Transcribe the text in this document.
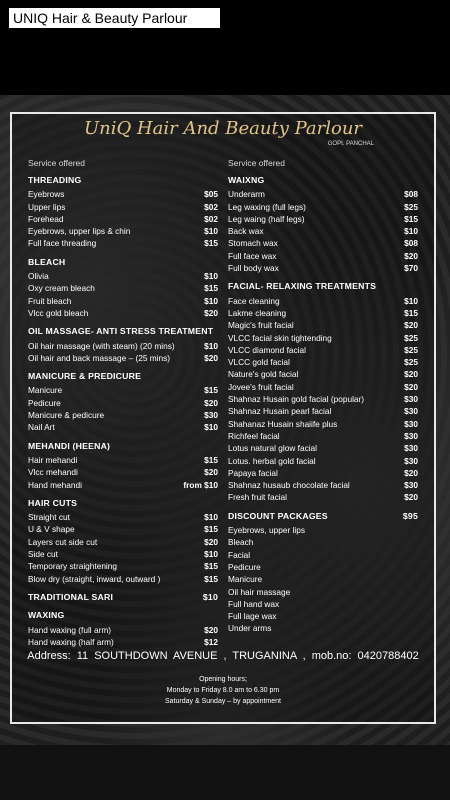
UNIQ Hair & Beauty Parlour
UniQ Hair And Beauty Parlour
GOPI. PANCHAL
Service offered
THREADING
Eyebrows	$05
Upper lips	$02
Forehead	$02
Eyebrows, upper lips & chin	$10
Full face threading	$15
BLEACH
Olivia	$10
Oxy cream bleach	$15
Fruit bleach	$10
Vlcc gold bleach	$20
OIL MASSAGE- ANTI STRESS TREATMENT
Oil hair massage (with steam) (20 mins)	$10
Oil hair and back massage – (25 mins)	$20
MANICURE & PREDICURE
Manicure	$15
Pedicure	$20
Manicure & pedicure	$30
Nail Art	$10
MEHANDI (HEENA)
Hair mehandi	$15
Vlcc mehandi	$20
Hand mehandi	from $10
HAIR CUTS
Straight cut	$10
U & V shape	$15
Layers cut side cut	$20
Side cut	$10
Temporary straightening	$15
Blow dry (straight, inward, outward )	$15
TRADITIONAL SARI	$10
WAXING
Hand waxing (full arm)	$20
Hand waxing (half arm)	$12
Service offered
WAIXNG
Underarm	$08
Leg waxing (full legs)	$25
Leg waing (half legs)	$15
Back wax	$10
Stomach wax	$08
Full face wax	$20
Full body wax	$70
FACIAL- RELAXING TREATMENTS
Face cleaning	$10
Lakme cleaning	$15
Magic's fruit facial	$20
VLCC facial skin tightending	$25
VLCC diamond facial	$25
VLCC gold facial	$25
Nature's gold facial	$20
Jovee's fruit facial	$20
Shahnaz Husain gold facial (popular)	$30
Shahnaz Husain pearl facial	$30
Shahanaz Husain shaiife plus	$30
Richfeel facial	$30
Lotus natural glow facial	$30
Lotus. herbal gold facial	$30
Papaya facial	$20
Shahnaz husaub chocolate facial	$30
Fresh fruit facial	$20
DISCOUNT PACKAGES	$95
Eyebrows, upper lips
Bleach
Facial
Pedicure
Manicure
Oil hair massage
Full hand wax
Full lage wax
Under arms
Address: 11 SOUTHDOWN AVENUE , TRUGANINA , mob.no: 0420788402
Opening hours;
Monday to Friday 8.0 am to 6.30 pm
Saturday & Sunday – by appointment
